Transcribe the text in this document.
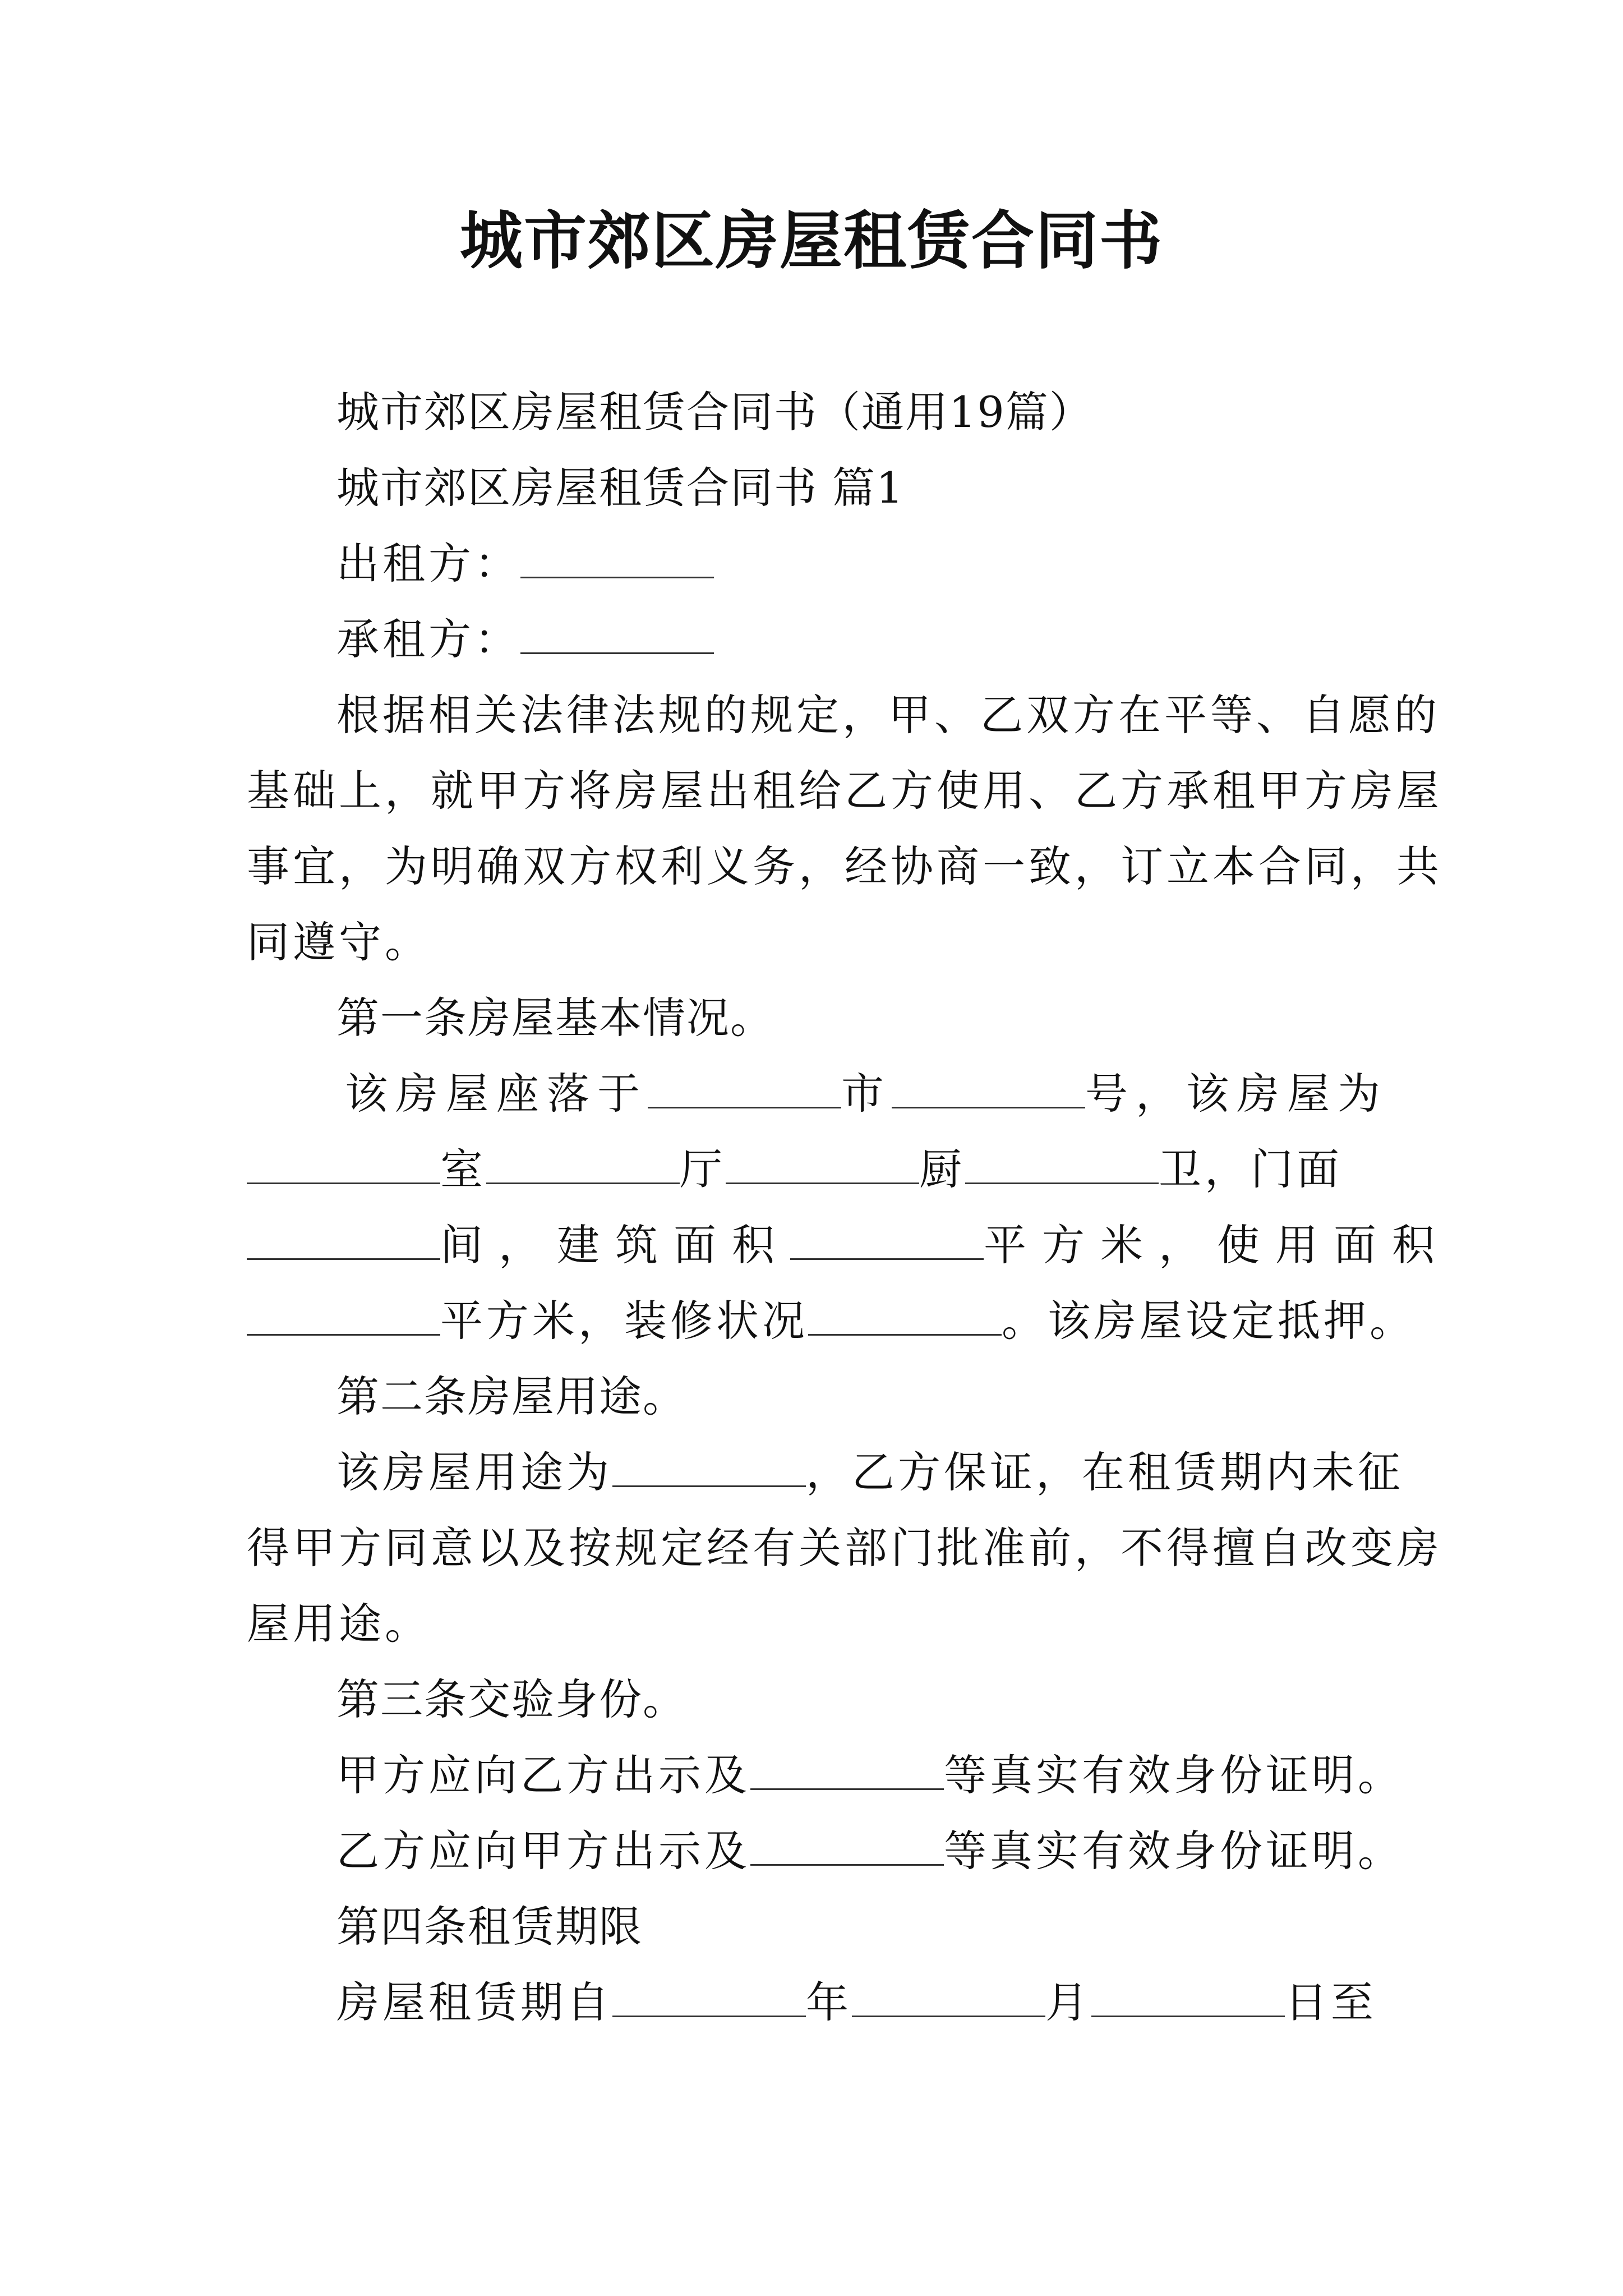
城市郊区房屋租赁合同书
城市郊区房屋租赁合同书（通用19篇）
城市郊区房屋租赁合同书 篇1
出租方：
承租方：
根据相关法律法规的规定，甲、乙双方在平等、自愿的
基础上，就甲方将房屋出租给乙方使用、乙方承租甲方房屋
事宜，为明确双方权利义务，经协商一致，订立本合同，共
同遵守。
第一条房屋基本情况。
该房屋座落于	市	号，该房屋为
室	厅	厨	卫，门面
间，建筑面积	平方米，使用面积
平方米，装修状况	。该房屋设定抵押。
第二条房屋用途。
该房屋用途为	，乙方保证，在租赁期内未征
得甲方同意以及按规定经有关部门批准前，不得擅自改变房
屋用途。
第三条交验身份。
甲方应向乙方出示及	等真实有效身份证明。
乙方应向甲方出示及	等真实有效身份证明。
第四条租赁期限
房屋租赁期自	年	月	日至
